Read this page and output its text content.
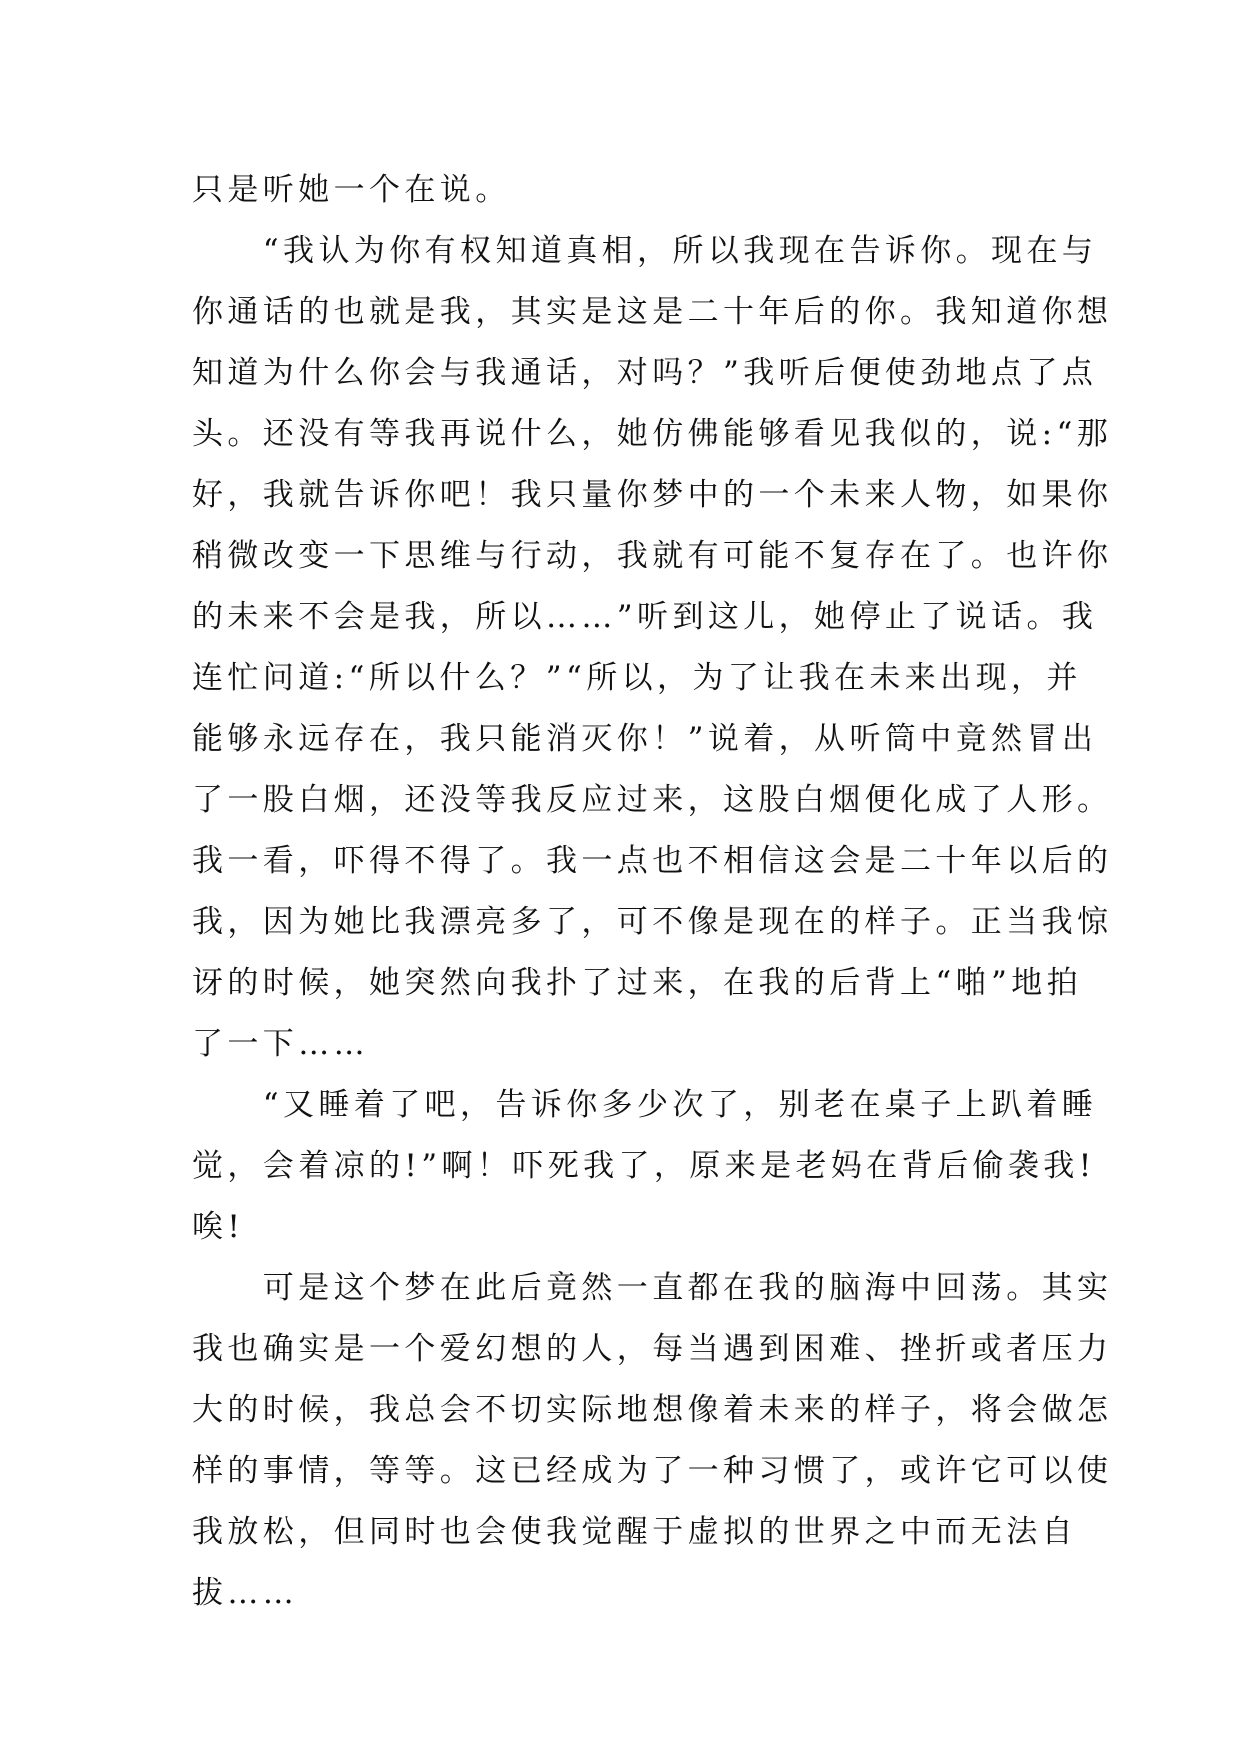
只是听她一个在说。
　　“我认为你有权知道真相，所以我现在告诉你。现在与
你通话的也就是我，其实是这是二十年后的你。我知道你想
知道为什么你会与我通话，对吗？”我听后便使劲地点了点
头。还没有等我再说什么，她仿佛能够看见我似的，说:“那
好，我就告诉你吧！我只量你梦中的一个未来人物，如果你
稍微改变一下思维与行动，我就有可能不复存在了。也许你
的未来不会是我，所以……”听到这儿，她停止了说话。我
连忙问道:“所以什么？”“所以，为了让我在未来出现，并
能够永远存在，我只能消灭你！”说着，从听筒中竟然冒出
了一股白烟，还没等我反应过来，这股白烟便化成了人形。
我一看，吓得不得了。我一点也不相信这会是二十年以后的
我，因为她比我漂亮多了，可不像是现在的样子。正当我惊
讶的时候，她突然向我扑了过来，在我的后背上“啪”地拍
了一下……
　　“又睡着了吧，告诉你多少次了，别老在桌子上趴着睡
觉，会着凉的!”啊！吓死我了，原来是老妈在背后偷袭我!
唉!
　　可是这个梦在此后竟然一直都在我的脑海中回荡。其实
我也确实是一个爱幻想的人，每当遇到困难、挫折或者压力
大的时候，我总会不切实际地想像着未来的样子，将会做怎
样的事情，等等。这已经成为了一种习惯了，或许它可以使
我放松，但同时也会使我觉醒于虚拟的世界之中而无法自
拔……
